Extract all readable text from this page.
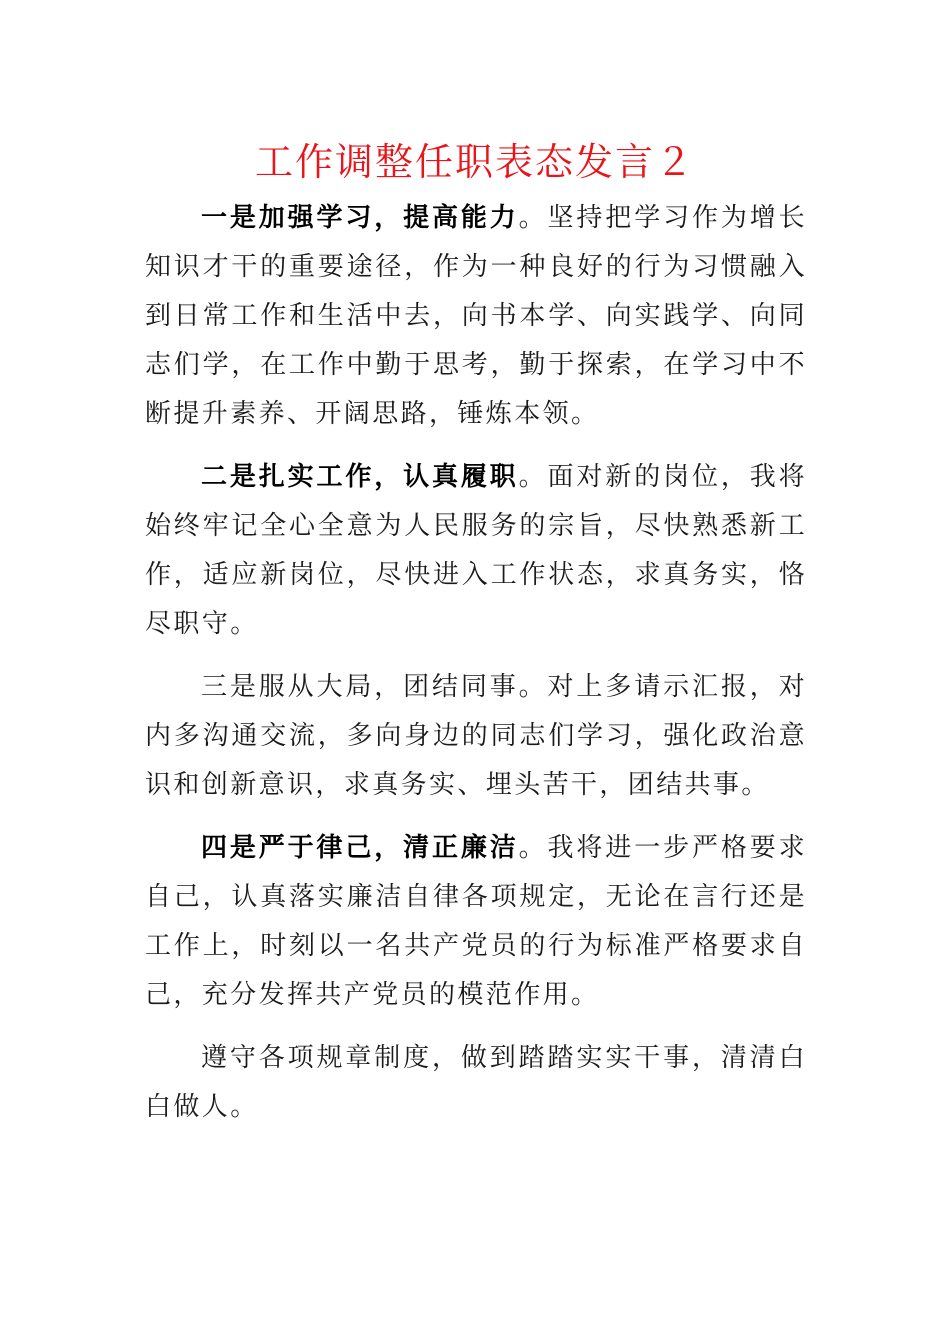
工作调整任职表态发言２

一是加强学习，提高能力。坚持把学习作为增长知识才干的重要途径，作为一种良好的行为习惯融入到日常工作和生活中去，向书本学、向实践学、向同志们学，在工作中勤于思考，勤于探索，在学习中不断提升素养、开阔思路，锤炼本领。

二是扎实工作，认真履职。面对新的岗位，我将始终牢记全心全意为人民服务的宗旨，尽快熟悉新工作，适应新岗位，尽快进入工作状态，求真务实，恪尽职守。

三是服从大局，团结同事。对上多请示汇报，对内多沟通交流，多向身边的同志们学习，强化政治意识和创新意识，求真务实、埋头苦干，团结共事。

四是严于律己，清正廉洁。我将进一步严格要求自己，认真落实廉洁自律各项规定，无论在言行还是工作上，时刻以一名共产党员的行为标准严格要求自己，充分发挥共产党员的模范作用。

遵守各项规章制度，做到踏踏实实干事，清清白白做人。
